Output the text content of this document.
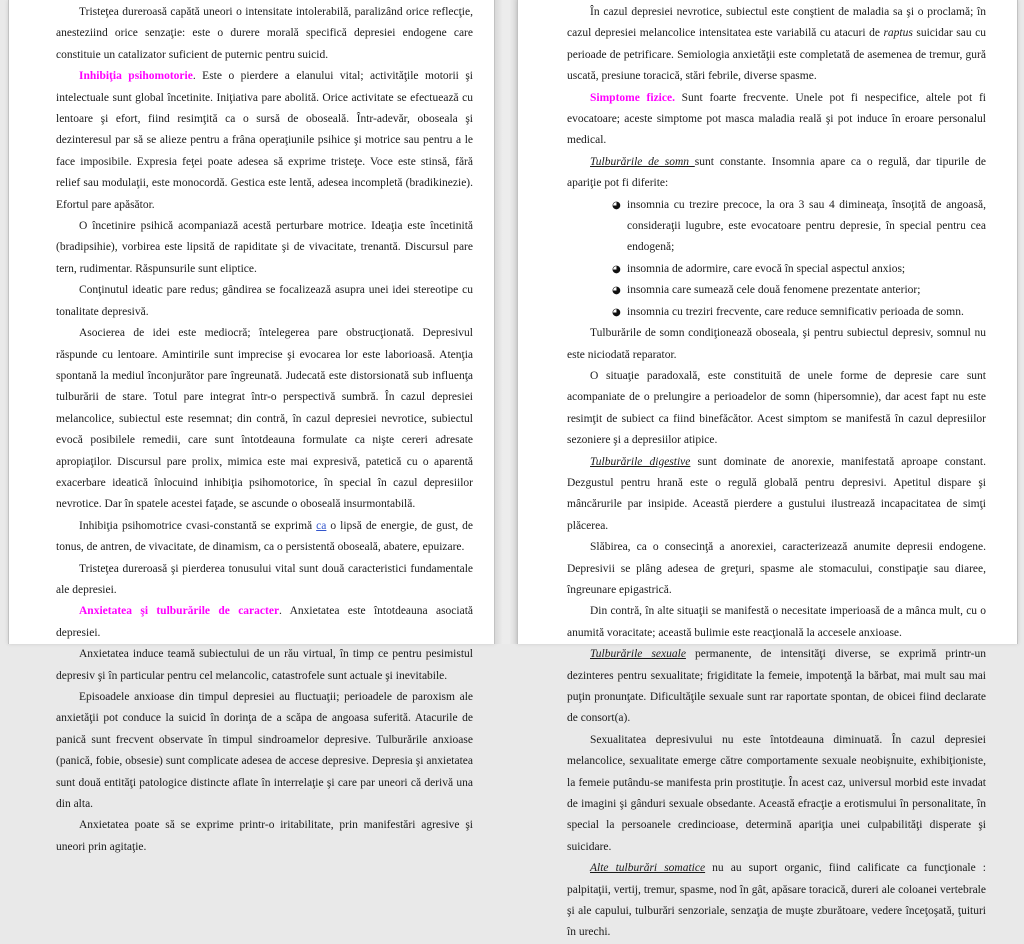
Tristeţea dureroasă capătă uneori o intensitate intolerabilă, paralizând orice reflecţie, anesteziind orice senzaţie: este o durere morală specifică depresiei endogene care constituie un catalizator suficient de puternic pentru suicid.

Inhibiţia psihomotorie. Este o pierdere a elanului vital; activităţile motorii şi intelectuale sunt global încetinite. Iniţiativa pare abolită. Orice activitate se efectuează cu lentoare şi efort, fiind resimţită ca o sursă de oboseală. Într-adevăr, oboseala şi dezinteresul par să se alieze pentru a frâna operaţiunile psihice şi motrice sau pentru a le face imposibile. Expresia feţei poate adesea să exprime tristeţe. Voce este stinsă, fără relief sau modulaţii, este monocordă. Gestica este lentă, adesea incompletă (bradikinezie). Efortul pare apăsător.

O încetinire psihică acompaniază acestă perturbare motrice. Ideaţia este încetinită (bradipsihie), vorbirea este lipsită de rapiditate şi de vivacitate, trenantă. Discursul pare tern, rudimentar. Răspunsurile sunt eliptice.

Conţinutul ideatic pare redus; gândirea se focalizează asupra unei idei stereotipe cu tonalitate depresivă.

Asocierea de idei este mediocră; întelegerea pare obstrucţionată. Depresivul răspunde cu lentoare. Amintirile sunt imprecise şi evocarea lor este laborioasă. Atenţia spontană la mediul înconjurător pare îngreunată. Judecată este distorsionată sub influenţa tulburării de stare. Totul pare integrat într-o perspectivă sumbră. În cazul depresiei melancolice, subiectul este resemnat; din contră, în cazul depresiei nevrotice, subiectul evocă posibilele remedii, care sunt întotdeauna formulate ca nişte cereri adresate apropiaţilor. Discursul pare prolix, mimica este mai expresivă, patetică cu o aparentă exacerbare ideatică înlocuind inhibiţia psihomotorice, în special în cazul depresiilor nevrotice. Dar în spatele acestei faţade, se ascunde o oboseală insurmontabilă.

Inhibiţia psihomotrice cvasi-constantă se exprimă ca o lipsă de energie, de gust, de tonus, de antren, de vivacitate, de dinamism, ca o persistentă oboseală, abatere, epuizare.

Tristeţea dureroasă şi pierderea tonusului vital sunt două caracteristici fundamentale ale depresiei.

Anxietatea şi tulburările de caracter. Anxietatea este întotdeauna asociată depresiei.

Anxietatea induce teamă subiectului de un rău virtual, în timp ce pentru pesimistul depresiv şi în particular pentru cel melancolic, catastrofele sunt actuale şi inevitabile.

Episoadele anxioase din timpul depresiei au fluctuaţii; perioadele de paroxism ale anxietăţii pot conduce la suicid în dorinţa de a scăpa de angoasa suferită. Atacurile de panică sunt frecvent observate în timpul sindroamelor depresive. Tulburările anxioase (panică, fobie, obsesie) sunt complicate adesea de accese depresive. Depresia şi anxietatea sunt două entităţi patologice distincte aflate în interrelaţie şi care par uneori că derivă una din alta.

Anxietatea poate să se exprime printr-o iritabilitate, prin manifestări agresive şi uneori prin agitaţie.

În cazul depresiei nevrotice, subiectul este conştient de maladia sa şi o proclamă; în cazul depresiei melancolice intensitatea este variabilă cu atacuri de raptus suicidar sau cu perioade de petrificare. Semiologia anxietăţii este completată de asemenea de tremur, gură uscată, presiune toracică, stări febrile, diverse spasme.

Simptome fizice. Sunt foarte frecvente. Unele pot fi nespecifice, altele pot fi evocatoare; aceste simptome pot masca maladia reală şi pot induce în eroare personalul medical.

Tulburările de somn sunt constante. Insomnia apare ca o regulă, dar tipurile de apariţie pot fi diferite:

◕ insomnia cu trezire precoce, la ora 3 sau 4 dimineaţa, însoţită de angoasă, consideraţii lugubre, este evocatoare pentru depresie, în special pentru cea endogenă;
◕ insomnia de adormire, care evocă în special aspectul anxios;
◕ insomnia care sumează cele două fenomene prezentate anterior;
◕ insomnia cu treziri frecvente, care reduce semnificativ perioada de somn.

Tulburările de somn condiţionează oboseala, şi pentru subiectul depresiv, somnul nu este niciodată reparator.

O situaţie paradoxală, este constituită de unele forme de depresie care sunt acompaniate de o prelungire a perioadelor de somn (hipersomnie), dar acest fapt nu este resimţit de subiect ca fiind binefăcător. Acest simptom se manifestă în cazul depresiilor sezoniere şi a depresiilor atipice.

Tulburările digestive sunt dominate de anorexie, manifestată aproape constant. Dezgustul pentru hrană este o regulă globală pentru depresivi. Apetitul dispare şi mâncărurile par insipide. Această pierdere a gustului ilustrează incapacitatea de simţi plăcerea.

Slăbirea, ca o consecinţă a anorexiei, caracterizează anumite depresii endogene. Depresivii se plâng adesea de greţuri, spasme ale stomacului, constipaţie sau diaree, îngreunare epigastrică.

Din contră, în alte situaţii se manifestă o necesitate imperioasă de a mânca mult, cu o anumită voracitate; această bulimie este reacţională la accesele anxioase.

Tulburările sexuale permanente, de intensităţi diverse, se exprimă printr-un dezinteres pentru sexualitate; frigiditate la femeie, impotenţă la bărbat, mai mult sau mai puţin pronunţate. Dificultăţile sexuale sunt rar raportate spontan, de obicei fiind declarate de consort(a).

Sexualitatea depresivului nu este întotdeauna diminuată. În cazul depresiei melancolice, sexualitate emerge către comportamente sexuale neobişnuite, exhibiţioniste, la femeie putându-se manifesta prin prostituţie. În acest caz, universul morbid este invadat de imagini şi gânduri sexuale obsedante. Această efracţie a erotismului în personalitate, în special la persoanele credincioase, determină apariţia unei culpabilităţi disperate şi suicidare.

Alte tulburări somatice nu au suport organic, fiind calificate ca funcţionale : palpitaţii, vertij, tremur, spasme, nod în gât, apăsare toracică, dureri ale coloanei vertebrale şi ale capului, tulburări senzoriale, senzaţia de muşte zburătoare, vedere înceţoşată, ţuituri în urechi.
